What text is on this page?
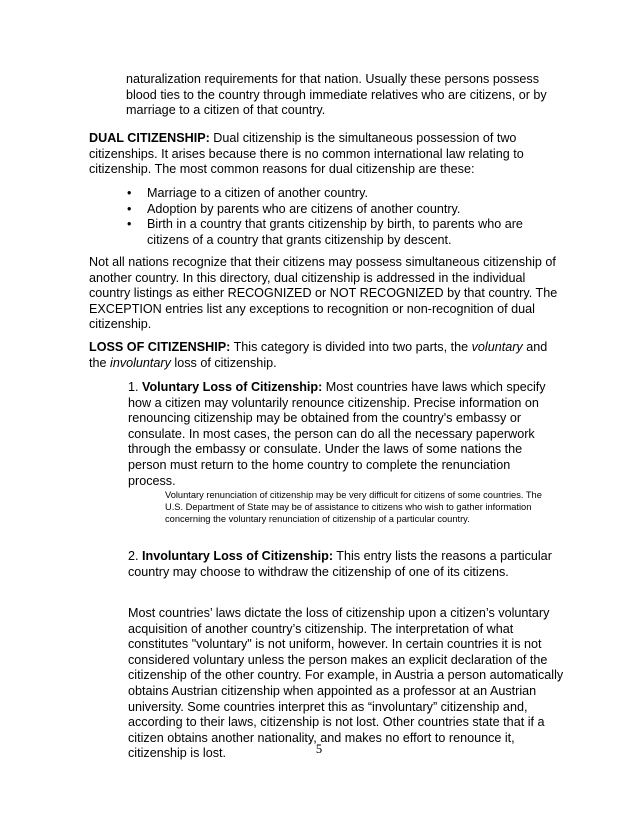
naturalization requirements for that nation. Usually these persons possess blood ties to the country through immediate relatives who are citizens, or by marriage to a citizen of that country.

DUAL CITIZENSHIP: Dual citizenship is the simultaneous possession of two citizenships. It arises because there is no common international law relating to citizenship. The most common reasons for dual citizenship are these:

• Marriage to a citizen of another country.
• Adoption by parents who are citizens of another country.
• Birth in a country that grants citizenship by birth, to parents who are citizens of a country that grants citizenship by descent.

Not all nations recognize that their citizens may possess simultaneous citizenship of another country. In this directory, dual citizenship is addressed in the individual country listings as either RECOGNIZED or NOT RECOGNIZED by that country. The EXCEPTION entries list any exceptions to recognition or non-recognition of dual citizenship.

LOSS OF CITIZENSHIP: This category is divided into two parts, the voluntary and the involuntary loss of citizenship.

1. Voluntary Loss of Citizenship: Most countries have laws which specify how a citizen may voluntarily renounce citizenship. Precise information on renouncing citizenship may be obtained from the country's embassy or consulate. In most cases, the person can do all the necessary paperwork through the embassy or consulate. Under the laws of some nations the person must return to the home country to complete the renunciation process.

Voluntary renunciation of citizenship may be very difficult for citizens of some countries. The U.S. Department of State may be of assistance to citizens who wish to gather information concerning the voluntary renunciation of citizenship of a particular country.

2. Involuntary Loss of Citizenship: This entry lists the reasons a particular country may choose to withdraw the citizenship of one of its citizens.

Most countries’ laws dictate the loss of citizenship upon a citizen’s voluntary acquisition of another country’s citizenship. The interpretation of what constitutes "voluntary" is not uniform, however. In certain countries it is not considered voluntary unless the person makes an explicit declaration of the citizenship of the other country. For example, in Austria a person automatically obtains Austrian citizenship when appointed as a professor at an Austrian university. Some countries interpret this as “involuntary” citizenship and, according to their laws, citizenship is not lost. Other countries state that if a citizen obtains another nationality, and makes no effort to renounce it, citizenship is lost.	5
